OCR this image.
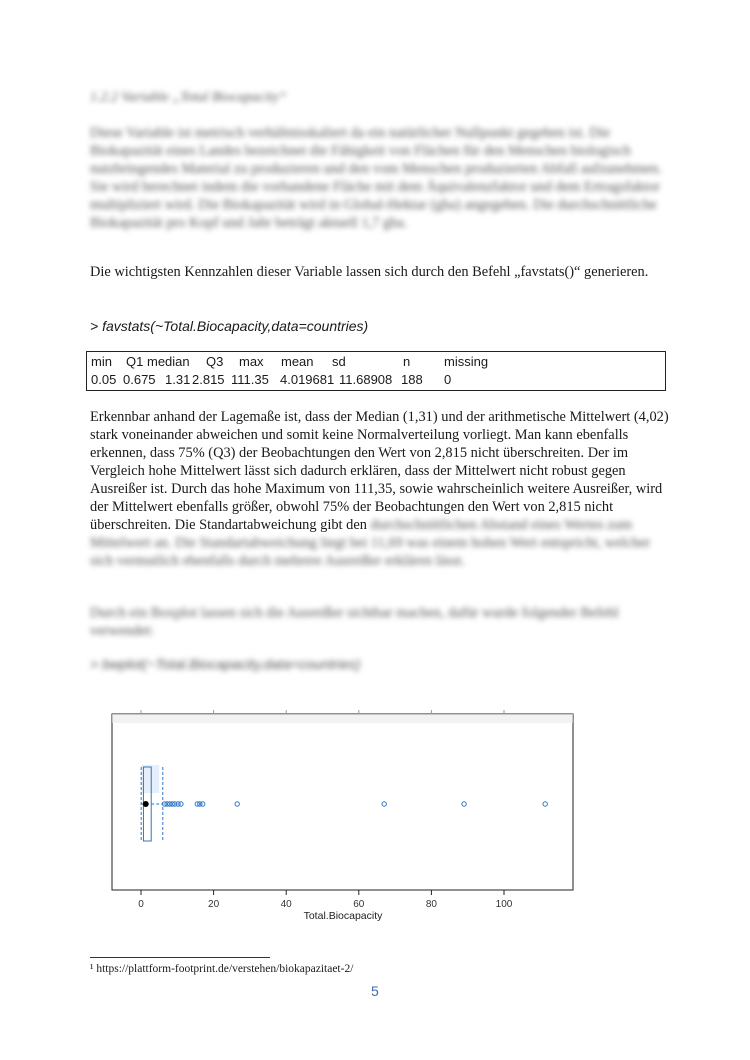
1.2.2 Variable „Total Biocapacity“

Diese Variable ist metrisch verhältnisskaliert da ein natürlicher Nullpunkt gegeben ist. Die Biokapazität eines Landes bezeichnet die Fähigkeit von Flächen für den Menschen biologisch nutzbringendes Material zu produzieren und den vom Menschen produzierten Abfall aufzunehmen. Sie wird berechnet indem die vorhandene Fläche mit dem Äquivalenzfaktor und dem Ertragsfaktor multipliziert wird. Die Biokapazität wird in Global-Hektar (gha) angegeben. Die durchschnittliche Biokapazität pro Kopf und Jahr beträgt aktuell 1,7 gha.

Die wichtigsten Kennzahlen dieser Variable lassen sich durch den Befehl „favstats()“ generieren.

> favstats(~Total.Biocapacity,data=countries)
min Q1 median Q3 max mean sd	n	missing
0.05 0.675 1.31 2.815 111.35 4.019681 11.68908 188 0

Erkennbar anhand der Lagemaße ist, dass der Median (1,31) und der arithmetische Mittelwert (4,02) stark voneinander abweichen und somit keine Normalverteilung vorliegt. Man kann ebenfalls erkennen, dass 75% (Q3) der Beobachtungen den Wert von 2,815 nicht überschreiten. Der im Vergleich hohe Mittelwert lässt sich dadurch erklären, dass der Mittelwert nicht robust gegen Ausreißer ist. Durch das hohe Maximum von 111,35, sowie wahrscheinlich weitere Ausreißer, wird der Mittelwert ebenfalls größer, obwohl 75% der Beobachtungen den Wert von 2,815 nicht überschreiten. Die Standartabweichung gibt den durchschnittlichen Abstand eines Wertes zum Mittelwert an. Die Standartabweichung liegt bei 11,69 was einem hohen Wert entspricht, welcher sich vermutlich ebenfalls durch mehrere Ausreißer erklären lässt.

Durch ein Boxplot lassen sich die Ausreißer sichtbar machen, dafür wurde folgender Befehl verwendet:

> bwplot(~Total.Biocapacity,data=countries)
0	20	40	60	80	100
Total.Biocapacity
¹ https://plattform-footprint.de/verstehen/biokapazitaet-2/
5
